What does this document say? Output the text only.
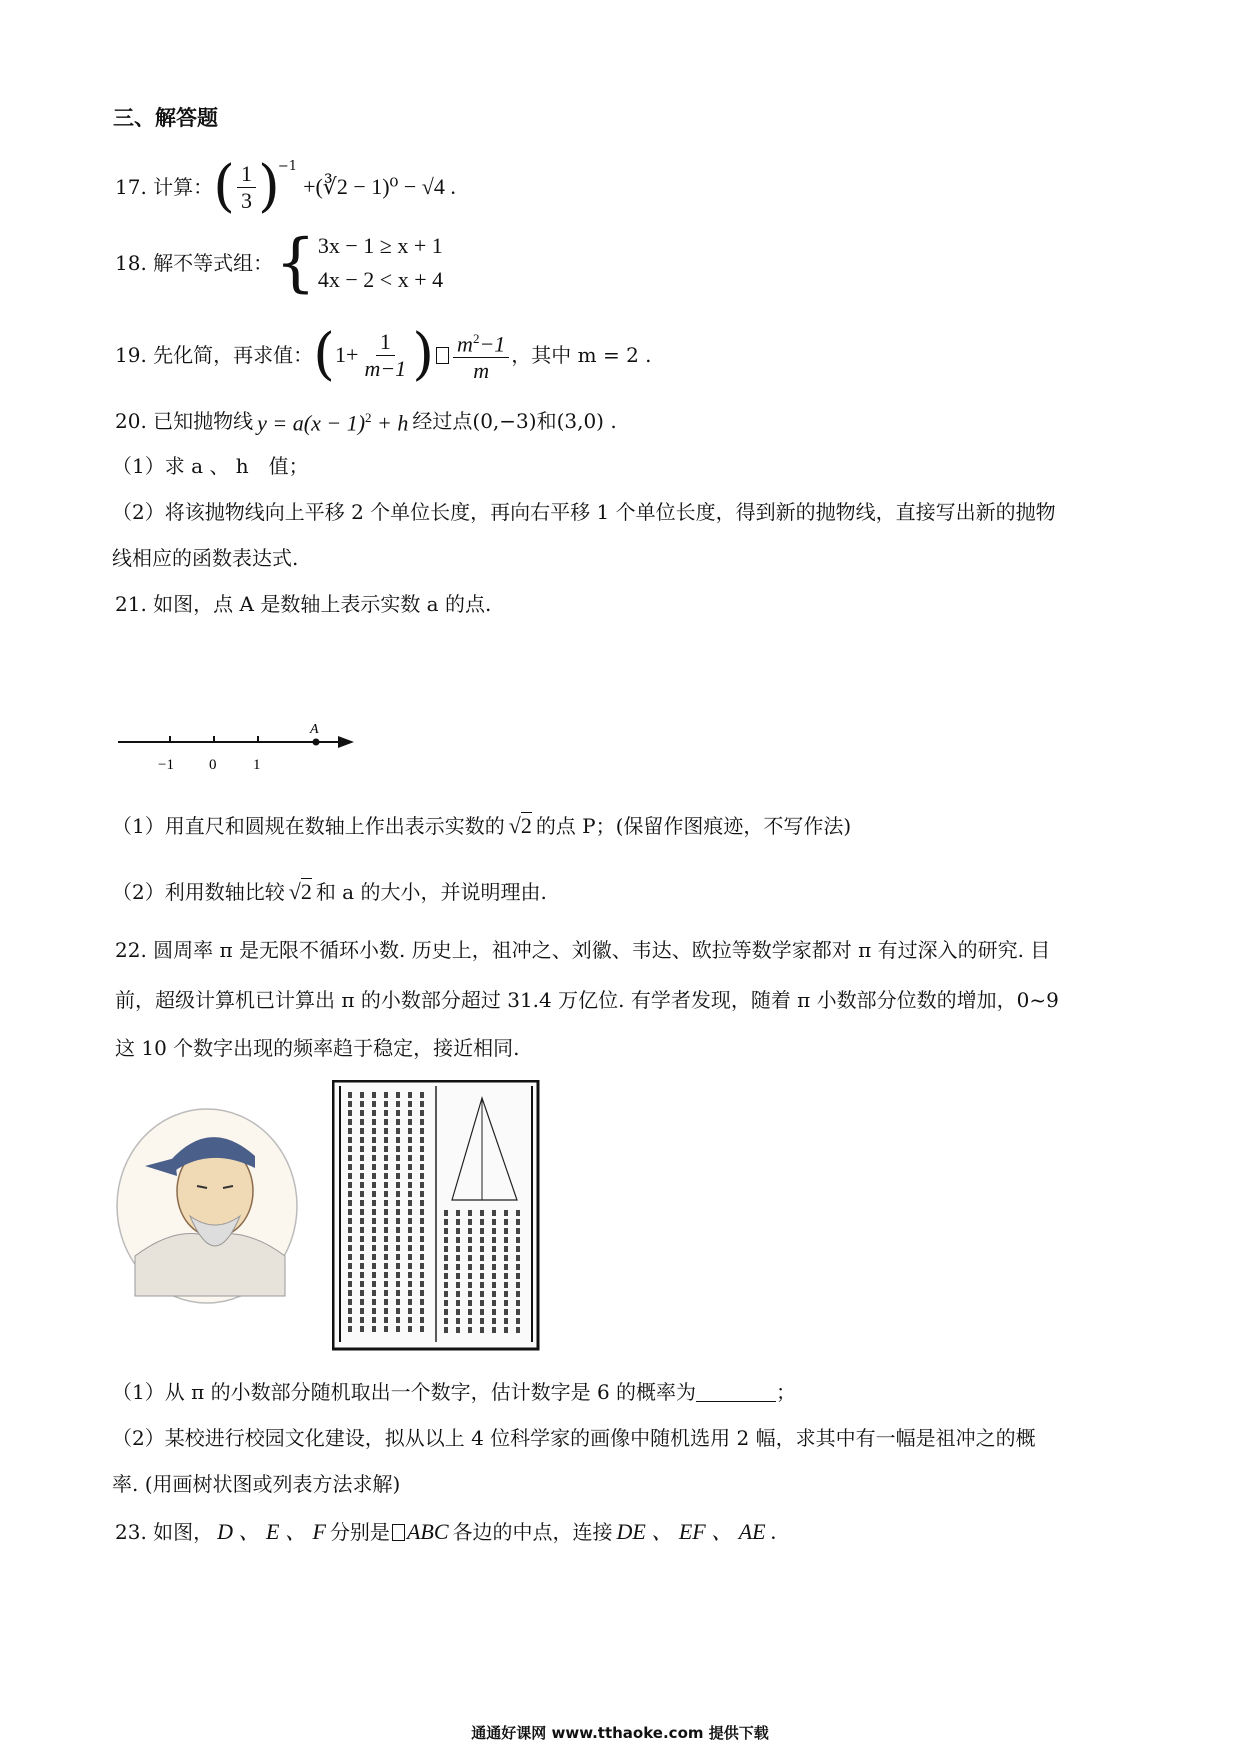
三、解答题
17. 计算： ( $\frac{1}{3}$ )
−1
+(∛2 − 1)⁰ − √4 .
18. 解不等式组： { 3x − 1 ≥ x + 1
4x − 2 < x + 4
19. 先化简，再求值： ( $1+ \frac{1}{m-1}$ ) $\frac{m^2-1}{m}$ ，其中 m = 2 .
20. 已知抛物线 $y = a(x - 1)^2 + h$ 经过点(0,−3)和(3,0) .
（1）求 a 、 h　值；
（2）将该抛物线向上平移 2 个单位长度，再向右平移 1 个单位长度，得到新的抛物线，直接写出新的抛物
线相应的函数表达式.
21. 如图，点 A 是数轴上表示实数 a 的点.
A
−1 0 1
（1）用直尺和圆规在数轴上作出表示实数的 √2 的点 P；(保留作图痕迹，不写作法)
（2）利用数轴比较 √2 和 a 的大小，并说明理由.
22. 圆周率 π 是无限不循环小数. 历史上，祖冲之、刘徽、韦达、欧拉等数学家都对 π 有过深入的研究. 目
前，超级计算机已计算出 π 的小数部分超过 31.4 万亿位. 有学者发现，随着 π 小数部分位数的增加，0~9
这 10 个数字出现的频率趋于稳定，接近相同.
（1）从 π 的小数部分随机取出一个数字，估计数字是 6 的概率为	；
（2）某校进行校园文化建设，拟从以上 4 位科学家的画像中随机选用 2 幅，求其中有一幅是祖冲之的概
率. (用画树状图或列表方法求解)
23. 如图， D 、 E 、 F 分别是 ABC 各边的中点，连接 DE 、 EF 、 AE .
通通好课网 www.tthaoke.com 提供下载
